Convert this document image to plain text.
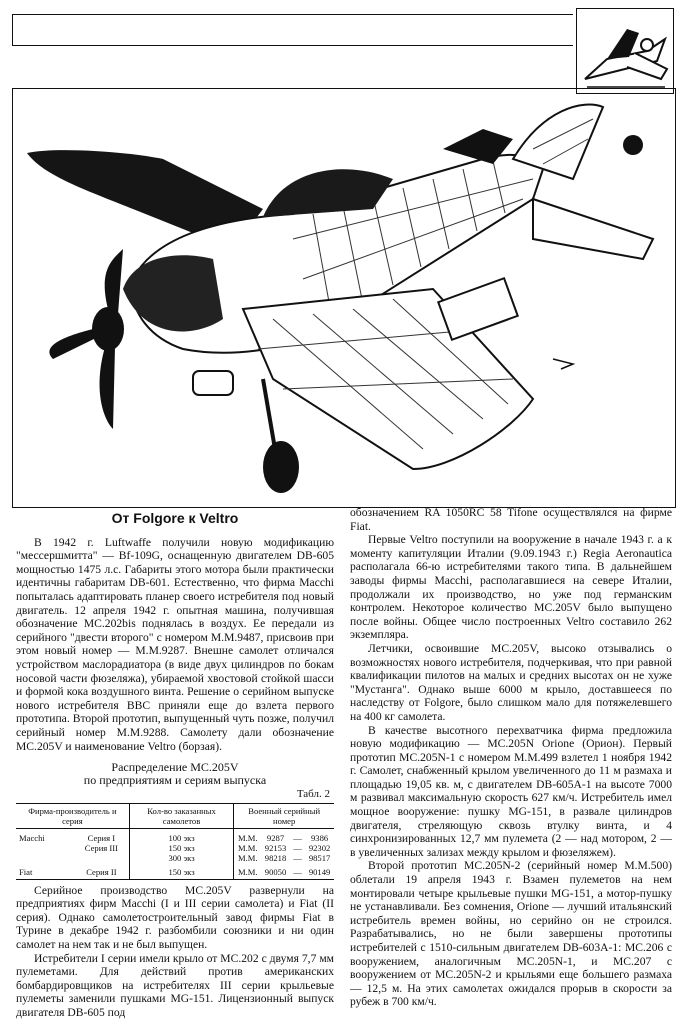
От Folgore к Veltro

В 1942 г. Luftwaffe получили новую модификацию "мессершмитта" — Bf-109G, оснащенную двигателем DB-605 мощностью 1475 л.с. Габариты этого мотора были практически идентичны габаритам DB-601. Естественно, что фирма Macchi попыталась адаптировать планер своего истребителя под новый двигатель. 12 апреля 1942 г. опытная машина, получившая обозначение MC.202bis поднялась в воздух. Ее передали из серийного "двести второго" с номером M.M.9487, присвоив при этом новый номер — M.M.9287. Внешне самолет отличался устройством маслорадиатора (в виде двух цилиндров по бокам носовой части фюзеляжа), убираемой хвостовой стойкой шасси и формой кока воздушного винта. Решение о серийном выпуске нового истребителя ВВС приняли еще до взлета первого прототипа. Второй прототип, выпущенный чуть позже, получил серийный номер M.M.9288. Самолету дали обозначение MC.205V и наименование Veltro (борзая).

Распределение MC.205V
по предприятиям и сериям выпуска
Табл. 2
Фирма-производитель и серия		Кол-во заказанных самолетов	Военный серийный номер			
Macchi	Серия I	100 экз	M.M.	9287	—	9386
	Серия III	150 экз	M.M.	92153	—	92302
		300 экз	M.M.	98218	—	98517
Fiat	Серия II	150 экз	M.M.	90050	—	90149

Серийное производство MC.205V развернули на предприятиях фирм Macchi (I и III серии самолета) и Fiat (II серия). Однако самолетостроительный завод фирмы Fiat в Турине в декабре 1942 г. разбомбили союзники и ни один самолет на нем так и не был выпущен.

Истребители I серии имели крыло от MC.202 с двумя 7,7 мм пулеметами. Для действий против американских бомбардировщиков на истребителях III серии крыльевые пулеметы заменили пушками MG-151. Лицензионный выпуск двигателя DB-605 под

обозначением RA 1050RC 58 Tifone осуществлялся на фирме Fiat.

Первые Veltro поступили на вооружение в начале 1943 г. а к моменту капитуляции Италии (9.09.1943 г.) Regia Aeronautica располагала 66-ю истребителями такого типа. В дальнейшем заводы фирмы Macchi, располагавшиеся на севере Италии, продолжали их производство, но уже под германским контролем. Некоторое количество MC.205V было выпущено после войны. Общее число построенных Veltro составило 262 экземпляра.

Летчики, освоившие MC.205V, высоко отзывались о возможностях нового истребителя, подчеркивая, что при равной квалификации пилотов на малых и средних высотах он не хуже "Мустанга". Однако выше 6000 м крыло, доставшееся по наследству от Folgore, было слишком мало для потяжелевшего на 400 кг самолета.

В качестве высотного перехватчика фирма предложила новую модификацию — MC.205N Orione (Орион). Первый прототип MC.205N-1 с номером M.M.499 взлетел 1 ноября 1942 г. Самолет, снабженный крылом увеличенного до 11 м размаха и площадью 19,05 кв. м, с двигателем DB-605A-1 на высоте 7000 м развивал максимальную скорость 627 км/ч. Истребитель имел мощное вооружение: пушку MG-151, в развале цилиндров двигателя, стреляющую сквозь втулку винта, и 4 синхронизированных 12,7 мм пулемета (2 — над мотором, 2 — в увеличенных зализах между крылом и фюзеляжем).

Второй прототип MC.205N-2 (серийный номер M.M.500) облетали 19 апреля 1943 г. Взамен пулеметов на нем монтировали четыре крыльевые пушки MG-151, а мотор-пушку не устанавливали. Без сомнения, Orione — лучший итальянский истребитель времен войны, но серийно он не строился. Разрабатывались, но не были завершены прототипы истребителей с 1510-сильным двигателем DB-603A-1: MC.206 с вооружением, аналогичным MC.205N-1, и MC.207 с вооружением от MC.205N-2 и крыльями еще большего размаха — 12,5 м. На этих самолетах ожидался прорыв в скорости за рубеж в 700 км/ч.
